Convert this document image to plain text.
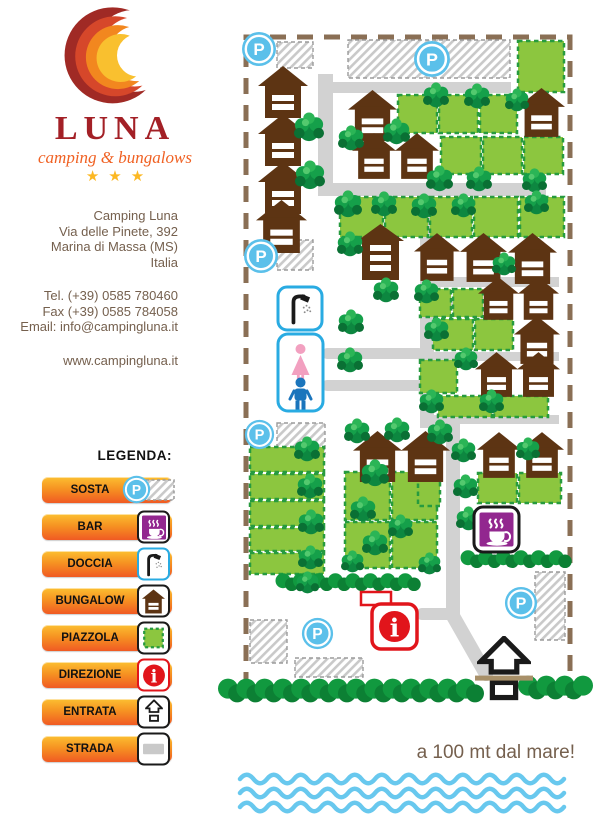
LUNA
camping & bungalows
★★★
Camping Luna
Via delle Pinete, 392
Marina di Massa (MS)
Italia
Tel. (+39) 0585 780460
Fax (+39) 0585 784058
Email: info@campingluna.it
www.campingluna.it
LEGENDA:
SOSTA
BAR
DOCCIA
BUNGALOW
PIAZZOLA
DIREZIONE
ENTRATA
STRADA	a 100 mt dal mare!
